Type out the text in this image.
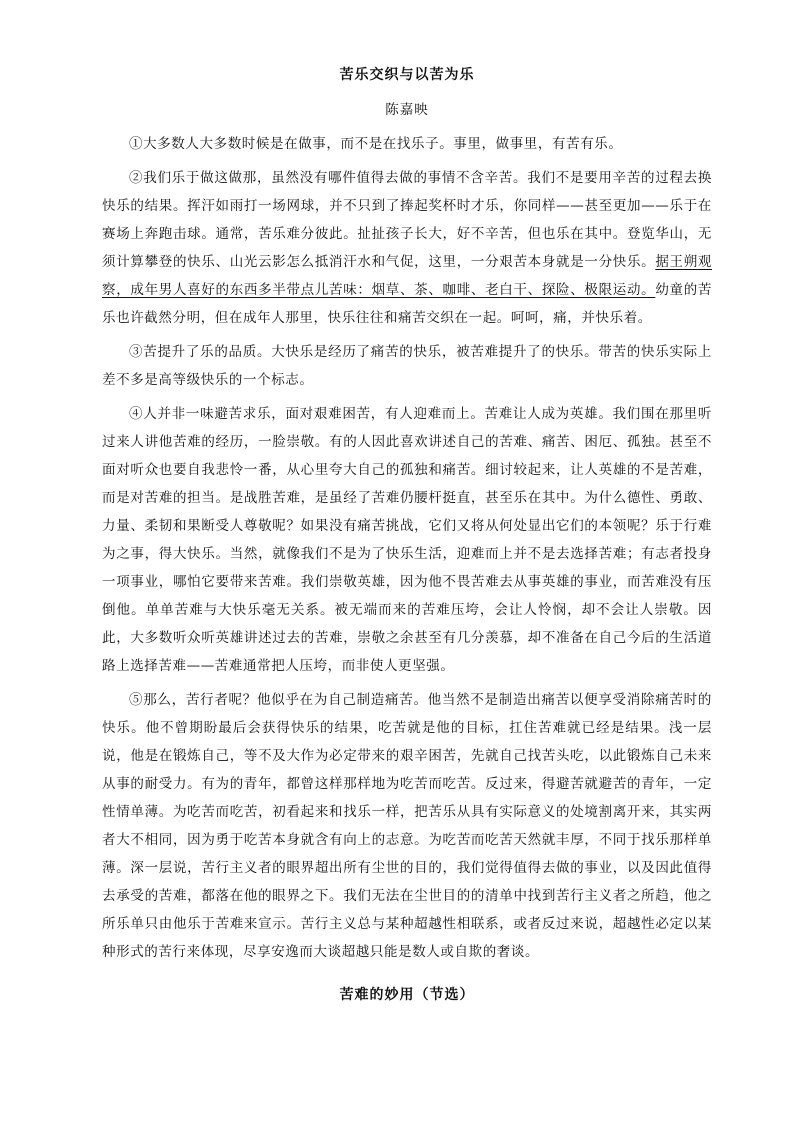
苦乐交织与以苦为乐
陈嘉映

①大多数人大多数时候是在做事，而不是在找乐子。事里，做事里，有苦有乐。

②我们乐于做这做那，虽然没有哪件值得去做的事情不含辛苦。我们不是要用辛苦的过程去换快乐的结果。挥汗如雨打一场网球，并不只到了捧起奖杯时才乐，你同样——甚至更加——乐于在赛场上奔跑击球。通常，苦乐难分彼此。扯扯孩子长大，好不辛苦，但也乐在其中。登览华山，无须计算攀登的快乐、山光云影怎么抵消汗水和气促，这里，一分艰苦本身就是一分快乐。据王朔观察，成年男人喜好的东西多半带点儿苦味：烟草、茶、咖啡、老白干、探险、极限运动。幼童的苦乐也许截然分明，但在成年人那里，快乐往往和痛苦交织在一起。呵呵，痛，并快乐着。

③苦提升了乐的品质。大快乐是经历了痛苦的快乐，被苦难提升了的快乐。带苦的快乐实际上差不多是高等级快乐的一个标志。

④人并非一味避苦求乐，面对艰难困苦，有人迎难而上。苦难让人成为英雄。我们围在那里听过来人讲他苦难的经历，一脸崇敬。有的人因此喜欢讲述自己的苦难、痛苦、困厄、孤独。甚至不面对听众也要自我悲怜一番，从心里夸大自己的孤独和痛苦。细讨较起来，让人英雄的不是苦难，而是对苦难的担当。是战胜苦难，是虽经了苦难仍腰杆挺直，甚至乐在其中。为什么德性、勇敢、力量、柔韧和果断受人尊敬呢？如果没有痛苦挑战，它们又将从何处显出它们的本领呢？乐于行难为之事，得大快乐。当然，就像我们不是为了快乐生活，迎难而上并不是去选择苦难；有志者投身一项事业，哪怕它要带来苦难。我们崇敬英雄，因为他不畏苦难去从事英雄的事业，而苦难没有压倒他。单单苦难与大快乐毫无关系。被无端而来的苦难压垮，会让人怜悯，却不会让人崇敬。因此，大多数听众听英雄讲述过去的苦难，崇敬之余甚至有几分羡慕，却不准备在自己今后的生活道路上选择苦难——苦难通常把人压垮，而非使人更坚强。

⑤那么，苦行者呢？他似乎在为自己制造痛苦。他当然不是制造出痛苦以便享受消除痛苦时的快乐。他不曾期盼最后会获得快乐的结果，吃苦就是他的目标，扛住苦难就已经是结果。浅一层说，他是在锻炼自己，等不及大作为必定带来的艰辛困苦，先就自己找苦头吃，以此锻炼自己未来从事的耐受力。有为的青年，都曾这样那样地为吃苦而吃苦。反过来，得避苦就避苦的青年，一定性情单薄。为吃苦而吃苦，初看起来和找乐一样，把苦乐从具有实际意义的处境割离开来，其实两者大不相同，因为勇于吃苦本身就含有向上的志意。为吃苦而吃苦天然就丰厚，不同于找乐那样单薄。深一层说，苦行主义者的眼界超出所有尘世的目的，我们觉得值得去做的事业，以及因此值得去承受的苦难，都落在他的眼界之下。我们无法在尘世目的的清单中找到苦行主义者之所趋，他之所乐单只由他乐于苦难来宣示。苦行主义总与某种超越性相联系，或者反过来说，超越性必定以某种形式的苦行来体现，尽享安逸而大谈超越只能是数人或自欺的奢谈。

苦难的妙用（节选）
